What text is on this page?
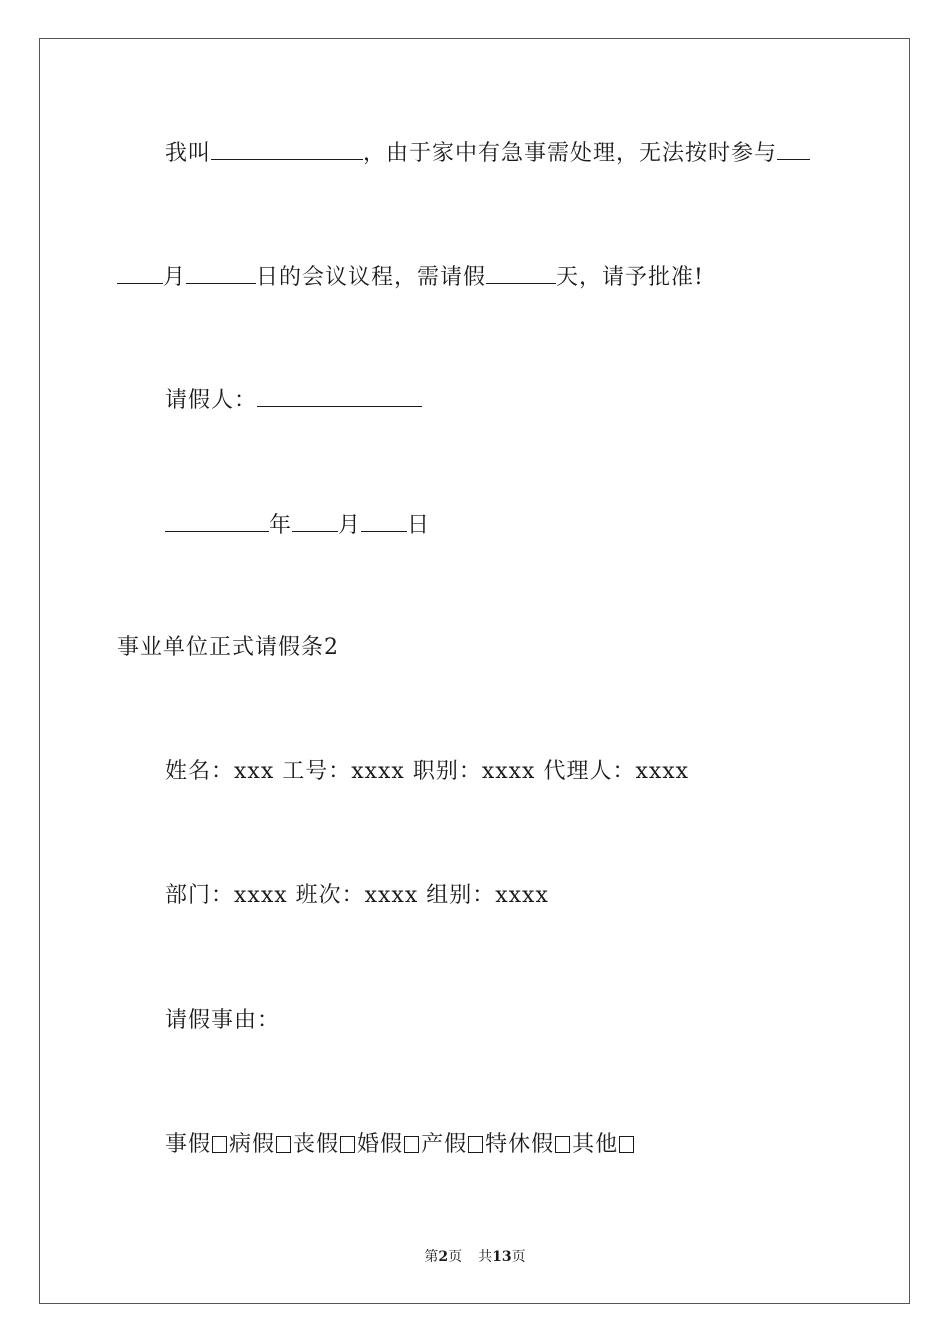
我叫	，由于家中有急事需处理，无法按时参与
月	日的会议议程，需请假	天，请予批准!
请假人：
年 月 日
事业单位正式请假条2
姓名：xxx 工号：xxxx 职别：xxxx 代理人：xxxx
部门：xxxx 班次：xxxx 组别：xxxx
请假事由：
事假 病假 丧假 婚假 产假 特休假 其他
第2页 共13页
